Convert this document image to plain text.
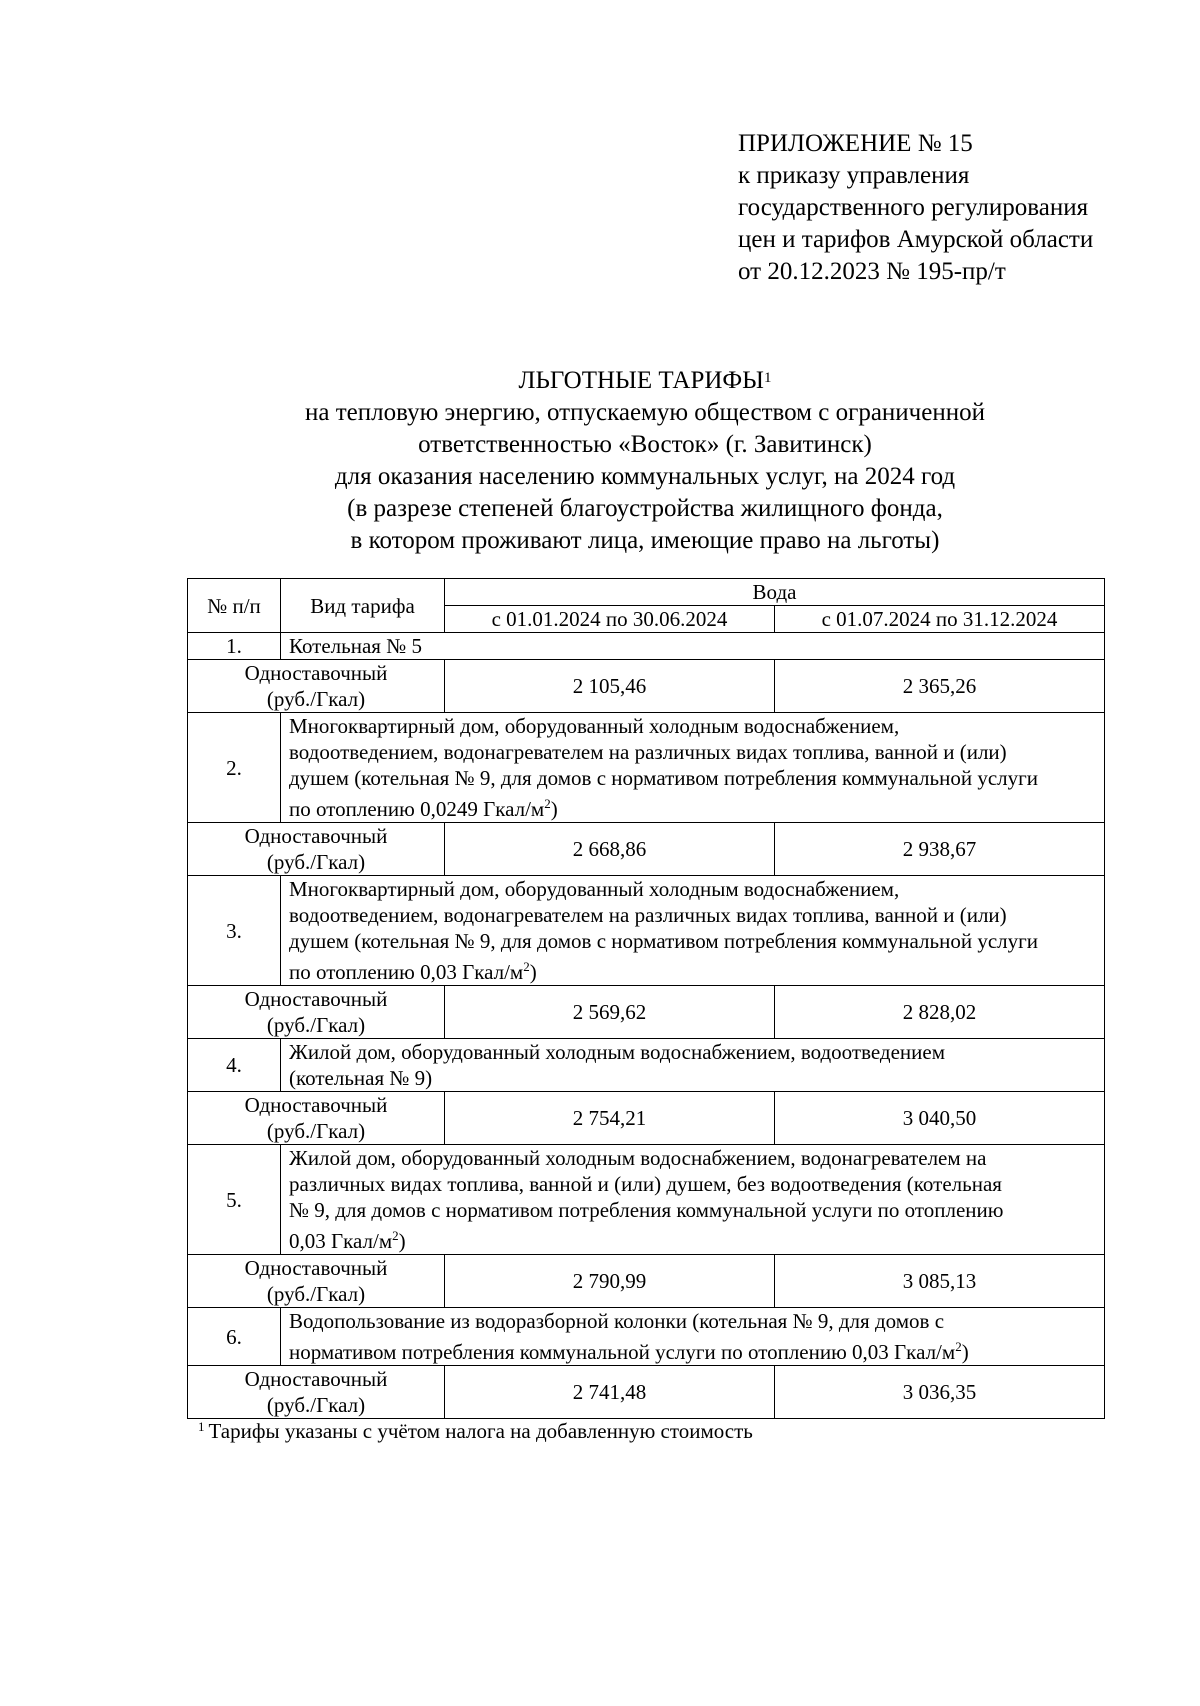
ПРИЛОЖЕНИЕ № 15
к приказу управления
государственного регулирования
цен и тарифов Амурской области
от 20.12.2023 № 195-пр/т
ЛЬГОТНЫЕ ТАРИФЫ$^1$
на тепловую энергию, отпускаемую обществом с ограниченной
ответственностью «Восток» (г. Завитинск)
для оказания населению коммунальных услуг, на 2024 год
(в разрезе степеней благоустройства жилищного фонда,
в котором проживают лица, имеющие право на льготы)
№ п/п	Вид тарифа	Вода	
		с 01.01.2024 по 30.06.2024	с 01.07.2024 по 31.12.2024
1.	Котельная № 5		

Одноставочный
(руб./Гкал)		2 105,46	2 365,26
2.	Многоквартирный дом, оборудованный холодным водоснабжением,
водоотведением, водонагревателем на различных видах топлива, ванной и (или)
душем (котельная № 9, для домов с нормативом потребления коммунальной услуги
по отоплению 0,0249 Гкал/$м^2$)		

Одноставочный
(руб./Гкал)		2 668,86	2 938,67
3.	Многоквартирный дом, оборудованный холодным водоснабжением,
водоотведением, водонагревателем на различных видах топлива, ванной и (или)
душем (котельная № 9, для домов с нормативом потребления коммунальной услуги
по отоплению 0,03 Гкал/$м^2$)		

Одноставочный
(руб./Гкал)		2 569,62	2 828,02
4.	Жилой дом, оборудованный холодным водоснабжением, водоотведением
(котельная № 9)		

Одноставочный
(руб./Гкал)		2 754,21	3 040,50
5.	Жилой дом, оборудованный холодным водоснабжением, водонагревателем на
различных видах топлива, ванной и (или) душем, без водоотведения (котельная
№ 9, для домов с нормативом потребления коммунальной услуги по отоплению
0,03 Гкал/$м^2$)		

Одноставочный
(руб./Гкал)		2 790,99	3 085,13
6.	Водопользование из водоразборной колонки (котельная № 9, для домов с
нормативом потребления коммунальной услуги по отоплению 0,03 Гкал/$м^2$)		

Одноставочный
(руб./Гкал)		2 741,48	3 036,35
$^1$ Тарифы указаны с учётом налога на добавленную стоимость
